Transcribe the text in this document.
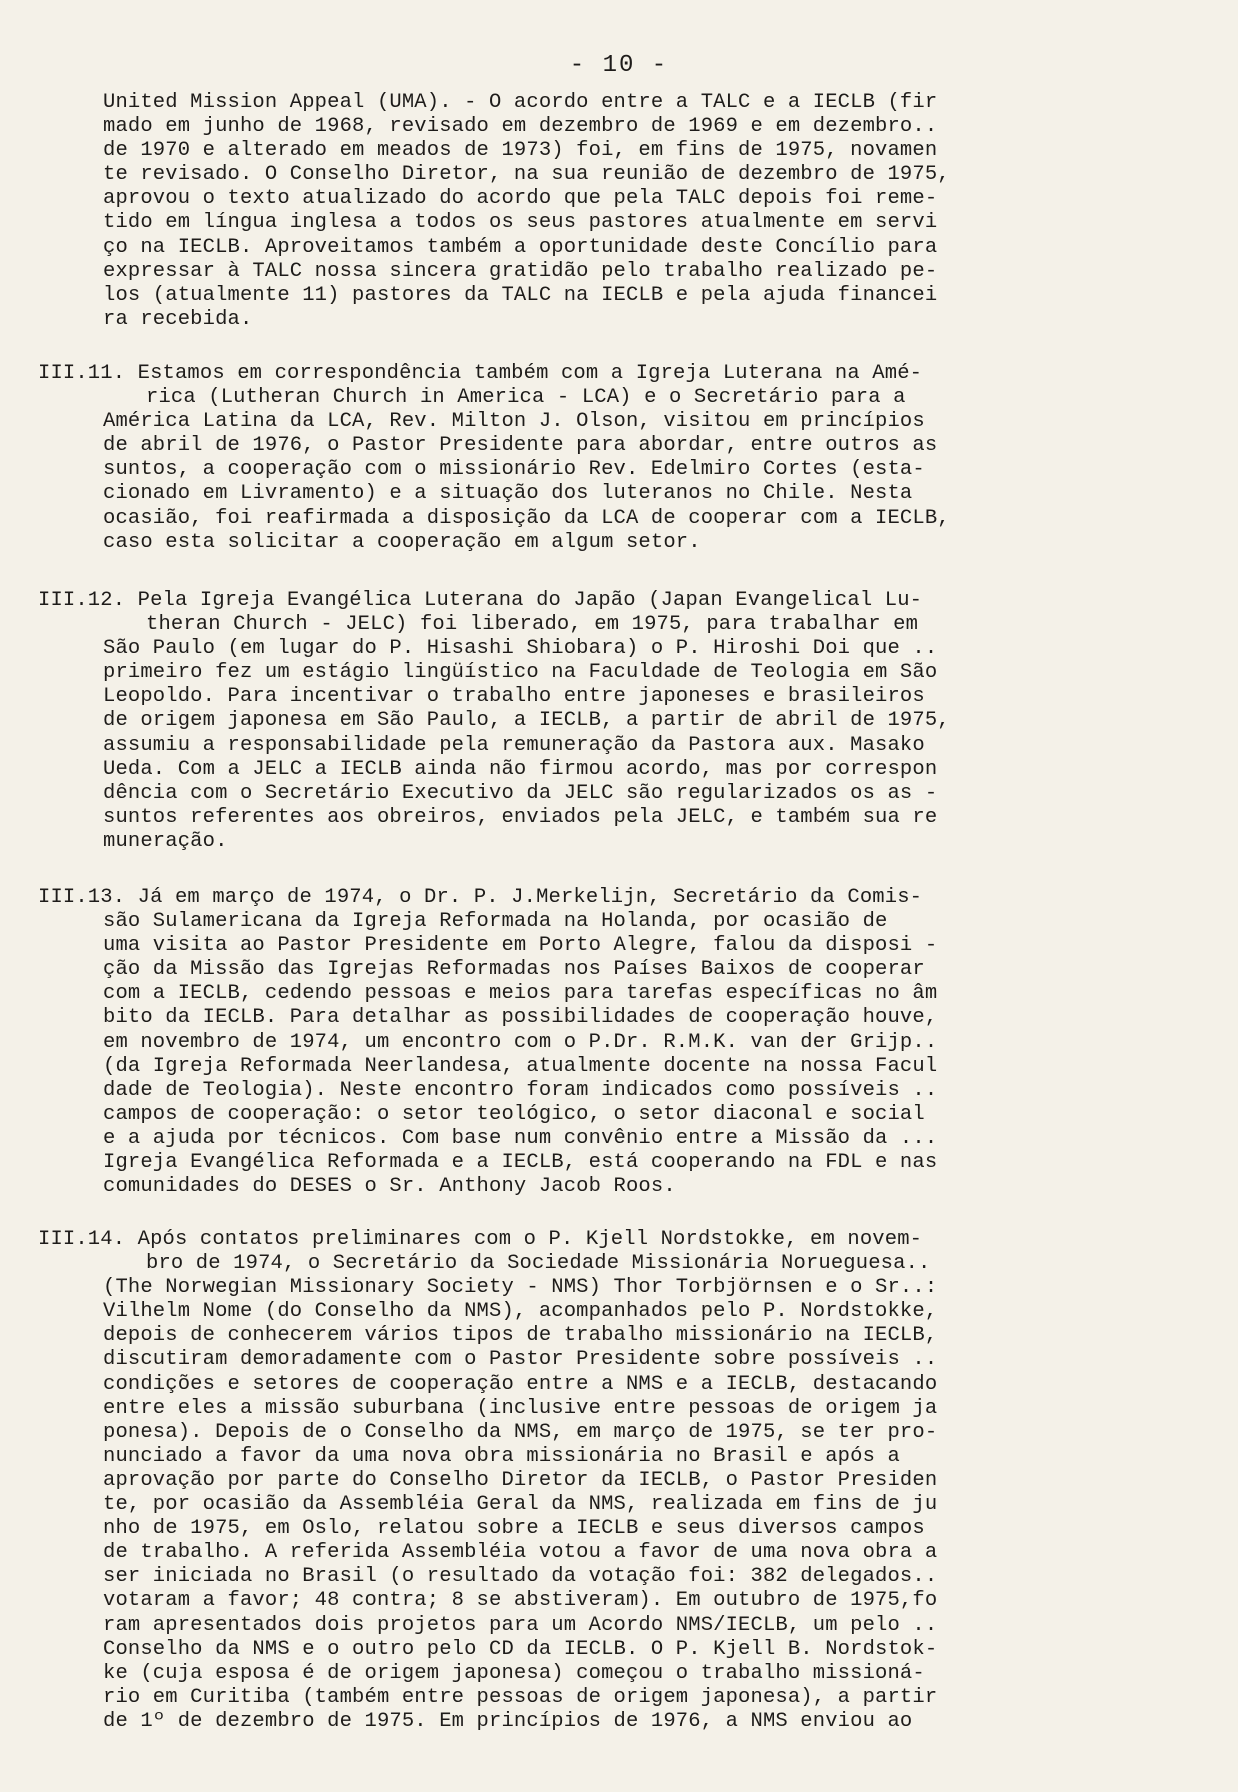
- 10 -
United Mission Appeal (UMA). - O acordo entre a TALC e a IECLB (fir
mado em junho de 1968, revisado em dezembro de 1969 e em dezembro..
de 1970 e alterado em meados de 1973) foi, em fins de 1975, novamen
te revisado. O Conselho Diretor, na sua reunião de dezembro de 1975,
aprovou o texto atualizado do acordo que pela TALC depois foi reme-
tido em língua inglesa a todos os seus pastores atualmente em servi
ço na IECLB. Aproveitamos também a oportunidade deste Concílio para
expressar à TALC nossa sincera gratidão pelo trabalho realizado pe-
los (atualmente 11) pastores da TALC na IECLB e pela ajuda financei
ra recebida.
III.11. Estamos em correspondência também com a Igreja Luterana na Amé-
rica (Lutheran Church in America - LCA) e o Secretário para a
América Latina da LCA, Rev. Milton J. Olson, visitou em princípios
de abril de 1976, o Pastor Presidente para abordar, entre outros as
suntos, a cooperação com o missionário Rev. Edelmiro Cortes (esta-
cionado em Livramento) e a situação dos luteranos no Chile. Nesta
ocasião, foi reafirmada a disposição da LCA de cooperar com a IECLB,
caso esta solicitar a cooperação em algum setor.
III.12. Pela Igreja Evangélica Luterana do Japão (Japan Evangelical Lu-
theran Church - JELC) foi liberado, em 1975, para trabalhar em
São Paulo (em lugar do P. Hisashi Shiobara) o P. Hiroshi Doi que ..
primeiro fez um estágio lingüístico na Faculdade de Teologia em São
Leopoldo. Para incentivar o trabalho entre japoneses e brasileiros
de origem japonesa em São Paulo, a IECLB, a partir de abril de 1975,
assumiu a responsabilidade pela remuneração da Pastora aux. Masako
Ueda. Com a JELC a IECLB ainda não firmou acordo, mas por correspon
dência com o Secretário Executivo da JELC são regularizados os as -
suntos referentes aos obreiros, enviados pela JELC, e também sua re
muneração.
III.13. Já em março de 1974, o Dr. P. J.Merkelijn, Secretário da Comis-
são Sulamericana da Igreja Reformada na Holanda, por ocasião de
uma visita ao Pastor Presidente em Porto Alegre, falou da disposi -
ção da Missão das Igrejas Reformadas nos Países Baixos de cooperar
com a IECLB, cedendo pessoas e meios para tarefas específicas no âm
bito da IECLB. Para detalhar as possibilidades de cooperação houve,
em novembro de 1974, um encontro com o P.Dr. R.M.K. van der Grijp..
(da Igreja Reformada Neerlandesa, atualmente docente na nossa Facul
dade de Teologia). Neste encontro foram indicados como possíveis ..
campos de cooperação: o setor teológico, o setor diaconal e social
e a ajuda por técnicos. Com base num convênio entre a Missão da ...
Igreja Evangélica Reformada e a IECLB, está cooperando na FDL e nas
comunidades do DESES o Sr. Anthony Jacob Roos.
III.14. Após contatos preliminares com o P. Kjell Nordstokke, em novem-
bro de 1974, o Secretário da Sociedade Missionária Norueguesa..
(The Norwegian Missionary Society - NMS) Thor Torbjörnsen e o Sr..:
Vilhelm Nome (do Conselho da NMS), acompanhados pelo P. Nordstokke,
depois de conhecerem vários tipos de trabalho missionário na IECLB,
discutiram demoradamente com o Pastor Presidente sobre possíveis ..
condições e setores de cooperação entre a NMS e a IECLB, destacando
entre eles a missão suburbana (inclusive entre pessoas de origem ja
ponesa). Depois de o Conselho da NMS, em março de 1975, se ter pro-
nunciado a favor da uma nova obra missionária no Brasil e após a
aprovação por parte do Conselho Diretor da IECLB, o Pastor Presiden
te, por ocasião da Assembléia Geral da NMS, realizada em fins de ju
nho de 1975, em Oslo, relatou sobre a IECLB e seus diversos campos
de trabalho. A referida Assembléia votou a favor de uma nova obra a
ser iniciada no Brasil (o resultado da votação foi: 382 delegados..
votaram a favor; 48 contra; 8 se abstiveram). Em outubro de 1975,fo
ram apresentados dois projetos para um Acordo NMS/IECLB, um pelo ..
Conselho da NMS e o outro pelo CD da IECLB. O P. Kjell B. Nordstok-
ke (cuja esposa é de origem japonesa) começou o trabalho missioná-
rio em Curitiba (também entre pessoas de origem japonesa), a partir
de 1º de dezembro de 1975. Em princípios de 1976, a NMS enviou ao
